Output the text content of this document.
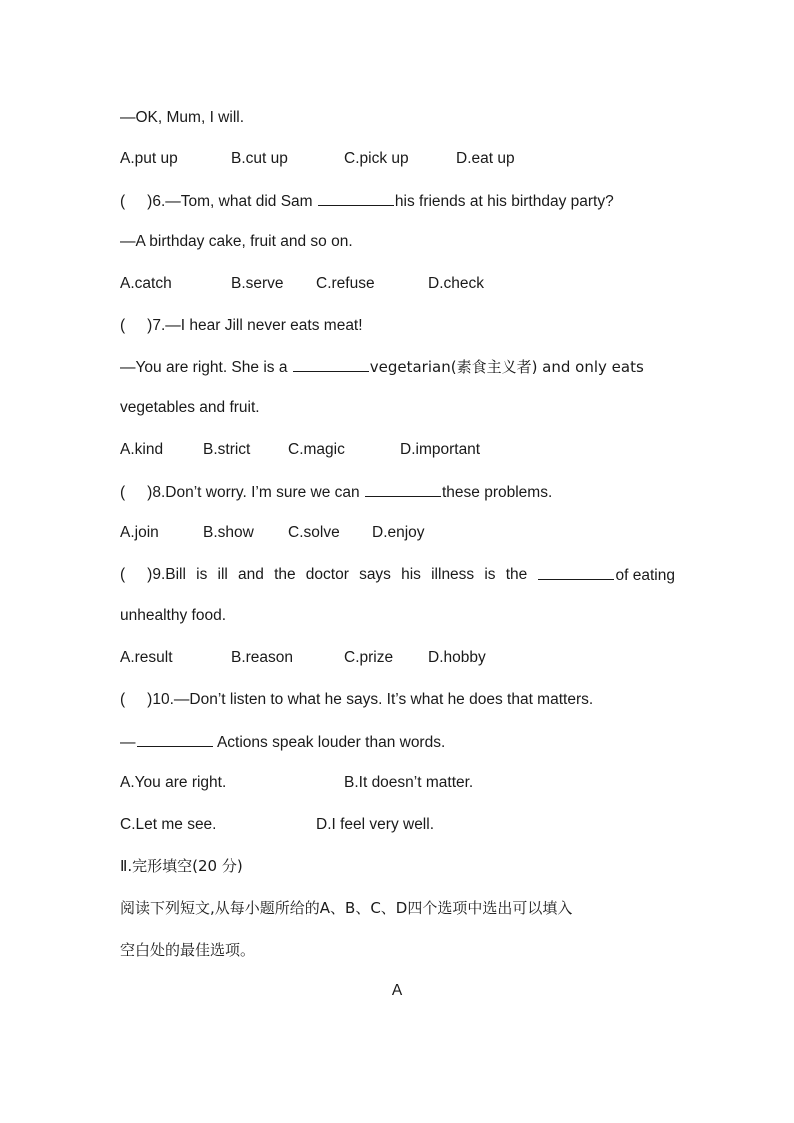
—OK, Mum, I will.
A.put up	B.cut up	C.pick up	D.eat up
( )6.—Tom, what did Sam	his friends at his birthday party?
—A birthday cake, fruit and so on.
A.catch	B.serve C.refuse	D.check
( )7.—I hear Jill never eats meat!
—You are right. She is a	vegetarian(素食主义者) and only eats
vegetables and fruit.
A.kind	B.strict C.magic	D.important
( )8.Don’t worry. I’m sure we can	these problems.
A.join	B.show C.solve D.enjoy
( )9.Bill is ill and the doctor says his illness is the	of eating
unhealthy food.
A.result	B.reason	C.prize D.hobby
( )10.—Don’t listen to what he says. It’s what he does that matters.
—	Actions speak louder than words.
A.You are right.	B.It doesn’t matter.
C.Let me see.	D.I feel very well.
Ⅱ.完形填空(20 分)
阅读下列短文,从每小题所给的A、B、C、D四个选项中选出可以填入
空白处的最佳选项。
A
